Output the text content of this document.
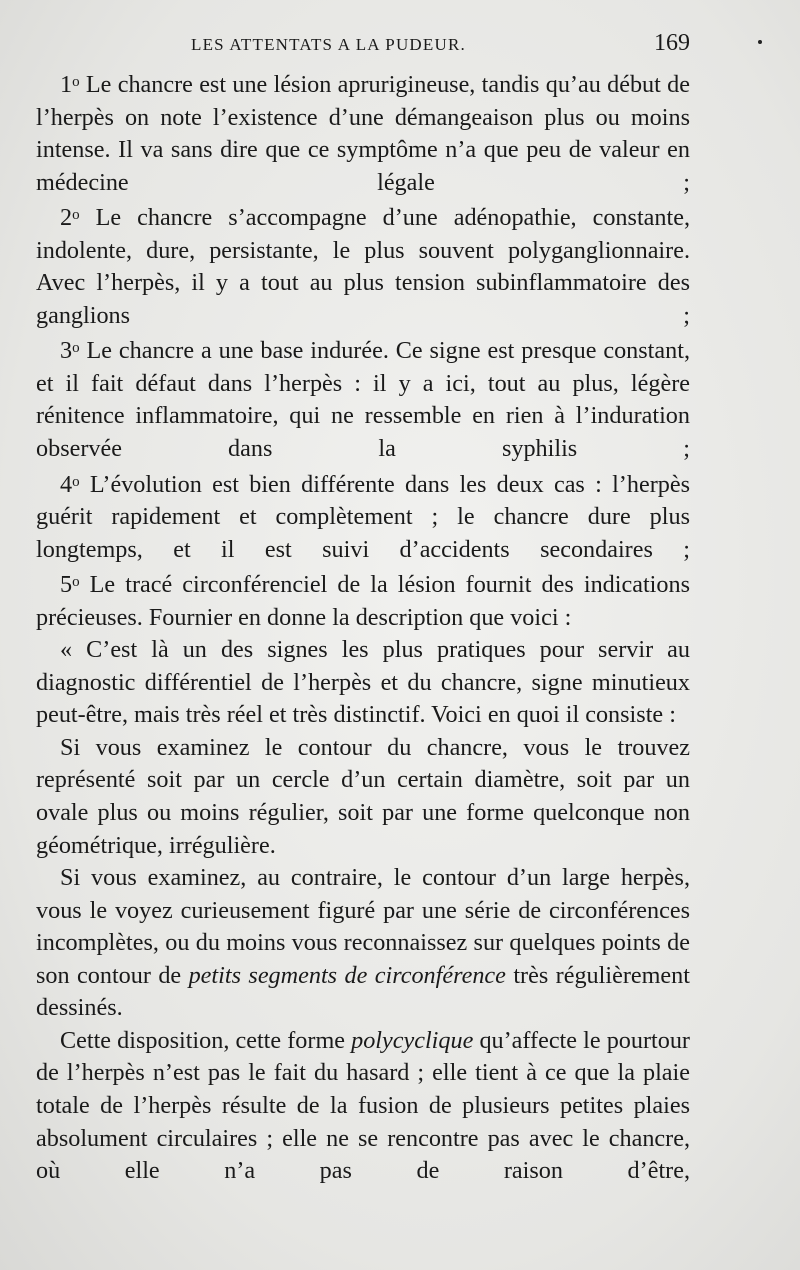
LES ATTENTATS A LA PUDEUR.	169

1$^o$ Le chancre est une lésion aprurigineuse, tandis qu’au début de l’herpès on note l’existence d’une démangeaison plus ou moins intense. Il va sans dire que ce symptôme n’a que peu de valeur en médecine légale ;

2$^o$ Le chancre s’accompagne d’une adénopathie, constante, indolente, dure, persistante, le plus souvent polyganglionnaire. Avec l’herpès, il y a tout au plus tension subinflammatoire des ganglions ;

3$^o$ Le chancre a une base indurée. Ce signe est presque constant, et il fait défaut dans l’herpès : il y a ici, tout au plus, légère rénitence inflammatoire, qui ne ressemble en rien à l’induration observée dans la syphilis ;

4$^o$ L’évolution est bien différente dans les deux cas : l’herpès guérit rapidement et complètement ; le chancre dure plus longtemps, et il est suivi d’accidents secondaires ;

5$^o$ Le tracé circonférenciel de la lésion fournit des indications précieuses. Fournier en donne la description que voici :

« C’est là un des signes les plus pratiques pour servir au diagnostic différentiel de l’herpès et du chancre, signe minutieux peut-être, mais très réel et très distinctif. Voici en quoi il consiste :

Si vous examinez le contour du chancre, vous le trouvez représenté soit par un cercle d’un certain diamètre, soit par un ovale plus ou moins régulier, soit par une forme quelconque non géométrique, irrégulière.

Si vous examinez, au contraire, le contour d’un large herpès, vous le voyez curieusement figuré par une série de circonférences incomplètes, ou du moins vous reconnaissez sur quelques points de son contour de petits segments de circonférence très régulièrement dessinés.

Cette disposition, cette forme polycyclique qu’affecte le pourtour de l’herpès n’est pas le fait du hasard ; elle tient à ce que la plaie totale de l’herpès résulte de la fusion de plusieurs petites plaies absolument circulaires ; elle ne se rencontre pas avec le chancre, où elle n’a pas de raison d’être,
